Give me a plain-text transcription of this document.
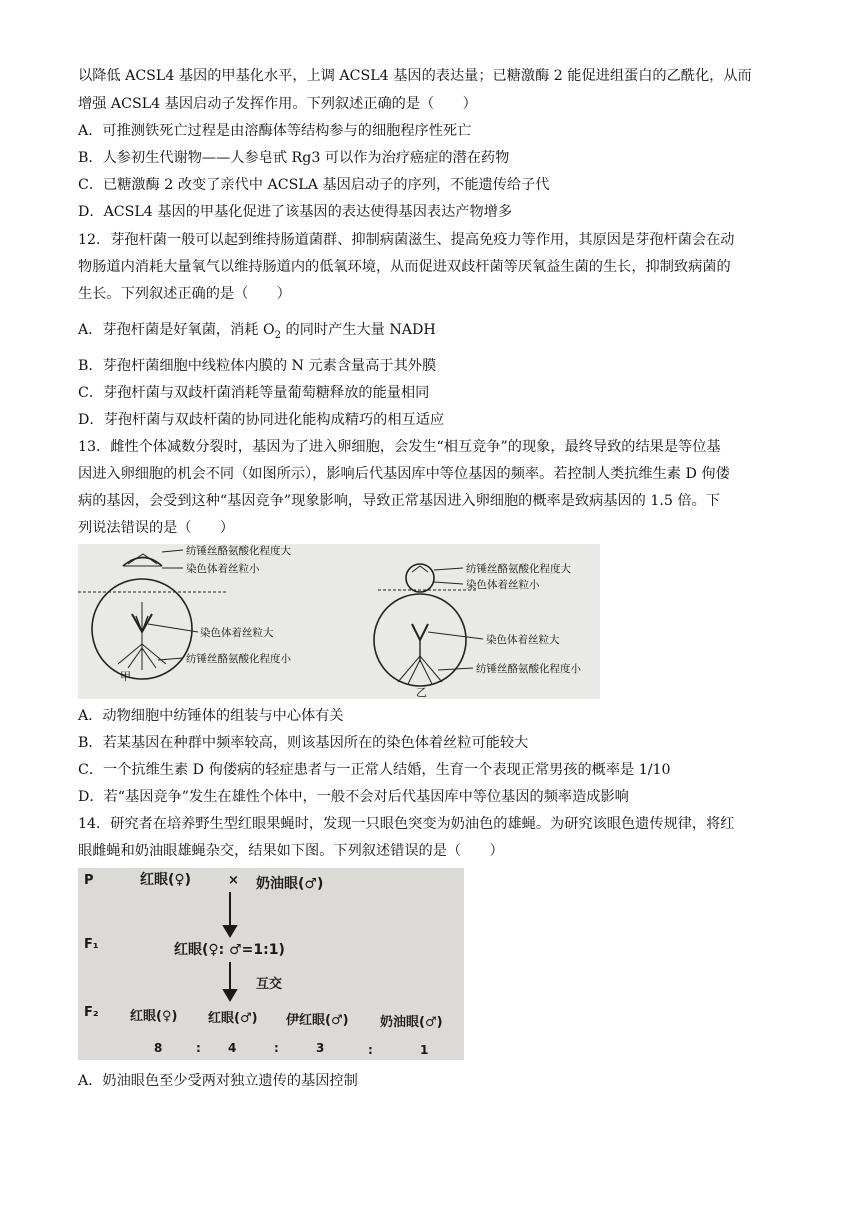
以降低 ACSL4 基因的甲基化水平，上调 ACSL4 基因的表达量；已糖激酶 2 能促进组蛋白的乙酰化，从而
增强 ACSL4 基因启动子发挥作用。下列叙述正确的是（　　）
A．可推测铁死亡过程是由溶酶体等结构参与的细胞程序性死亡
B．人参初生代谢物——人参皂甙 Rg3 可以作为治疗癌症的潜在药物
C．已糖激酶 2 改变了亲代中 ACSLA 基因启动子的序列，不能遗传给子代
D．ACSL4 基因的甲基化促进了该基因的表达使得基因表达产物增多
12．芽孢杆菌一般可以起到维持肠道菌群、抑制病菌滋生、提高免疫力等作用，其原因是芽孢杆菌会在动
物肠道内消耗大量氧气以维持肠道内的低氧环境，从而促进双歧杆菌等厌氧益生菌的生长，抑制致病菌的
生长。下列叙述正确的是（　　）
A．芽孢杆菌是好氧菌，消耗 $O_2$ 的同时产生大量 NADH
B．芽孢杆菌细胞中线粒体内膜的 N 元素含量高于其外膜
C．芽孢杆菌与双歧杆菌消耗等量葡萄糖释放的能量相同
D．芽孢杆菌与双歧杆菌的协同进化能构成精巧的相互适应
13．雌性个体减数分裂时，基因为了进入卵细胞，会发生“相互竞争”的现象，最终导致的结果是等位基
因进入卵细胞的机会不同（如图所示），影响后代基因库中等位基因的频率。若控制人类抗维生素 D 佝偻
病的基因，会受到这种“基因竞争”现象影响，导致正常基因进入卵细胞的概率是致病基因的 1.5 倍。下
列说法错误的是（　　）
纺锤丝酪氨酸化程度大
染色体着丝粒小
染色体着丝粒大
纺锤丝酪氨酸化程度小
甲
纺锤丝酪氨酸化程度大
染色体着丝粒小
染色体着丝粒大
纺锤丝酪氨酸化程度小
乙
A．动物细胞中纺锤体的组装与中心体有关
B．若某基因在种群中频率较高，则该基因所在的染色体着丝粒可能较大
C．一个抗维生素 D 佝偻病的轻症患者与一正常人结婚，生育一个表现正常男孩的概率是 1/10
D．若“基因竞争”发生在雄性个体中，一般不会对后代基因库中等位基因的频率造成影响
14．研究者在培养野生型红眼果蝇时，发现一只眼色突变为奶油色的雄蝇。为研究该眼色遗传规律，将红
眼雌蝇和奶油眼雄蝇杂交，结果如下图。下列叙述错误的是（　　）
P	红眼(♀)	× 奶油眼(♂)
F₁	红眼(♀: ♂=1:1)
互交
F₂ 红眼(♀) 红眼(♂) 伊红眼(♂) 奶油眼(♂)
8	: 4	:	3	:	1
A．奶油眼色至少受两对独立遗传的基因控制
